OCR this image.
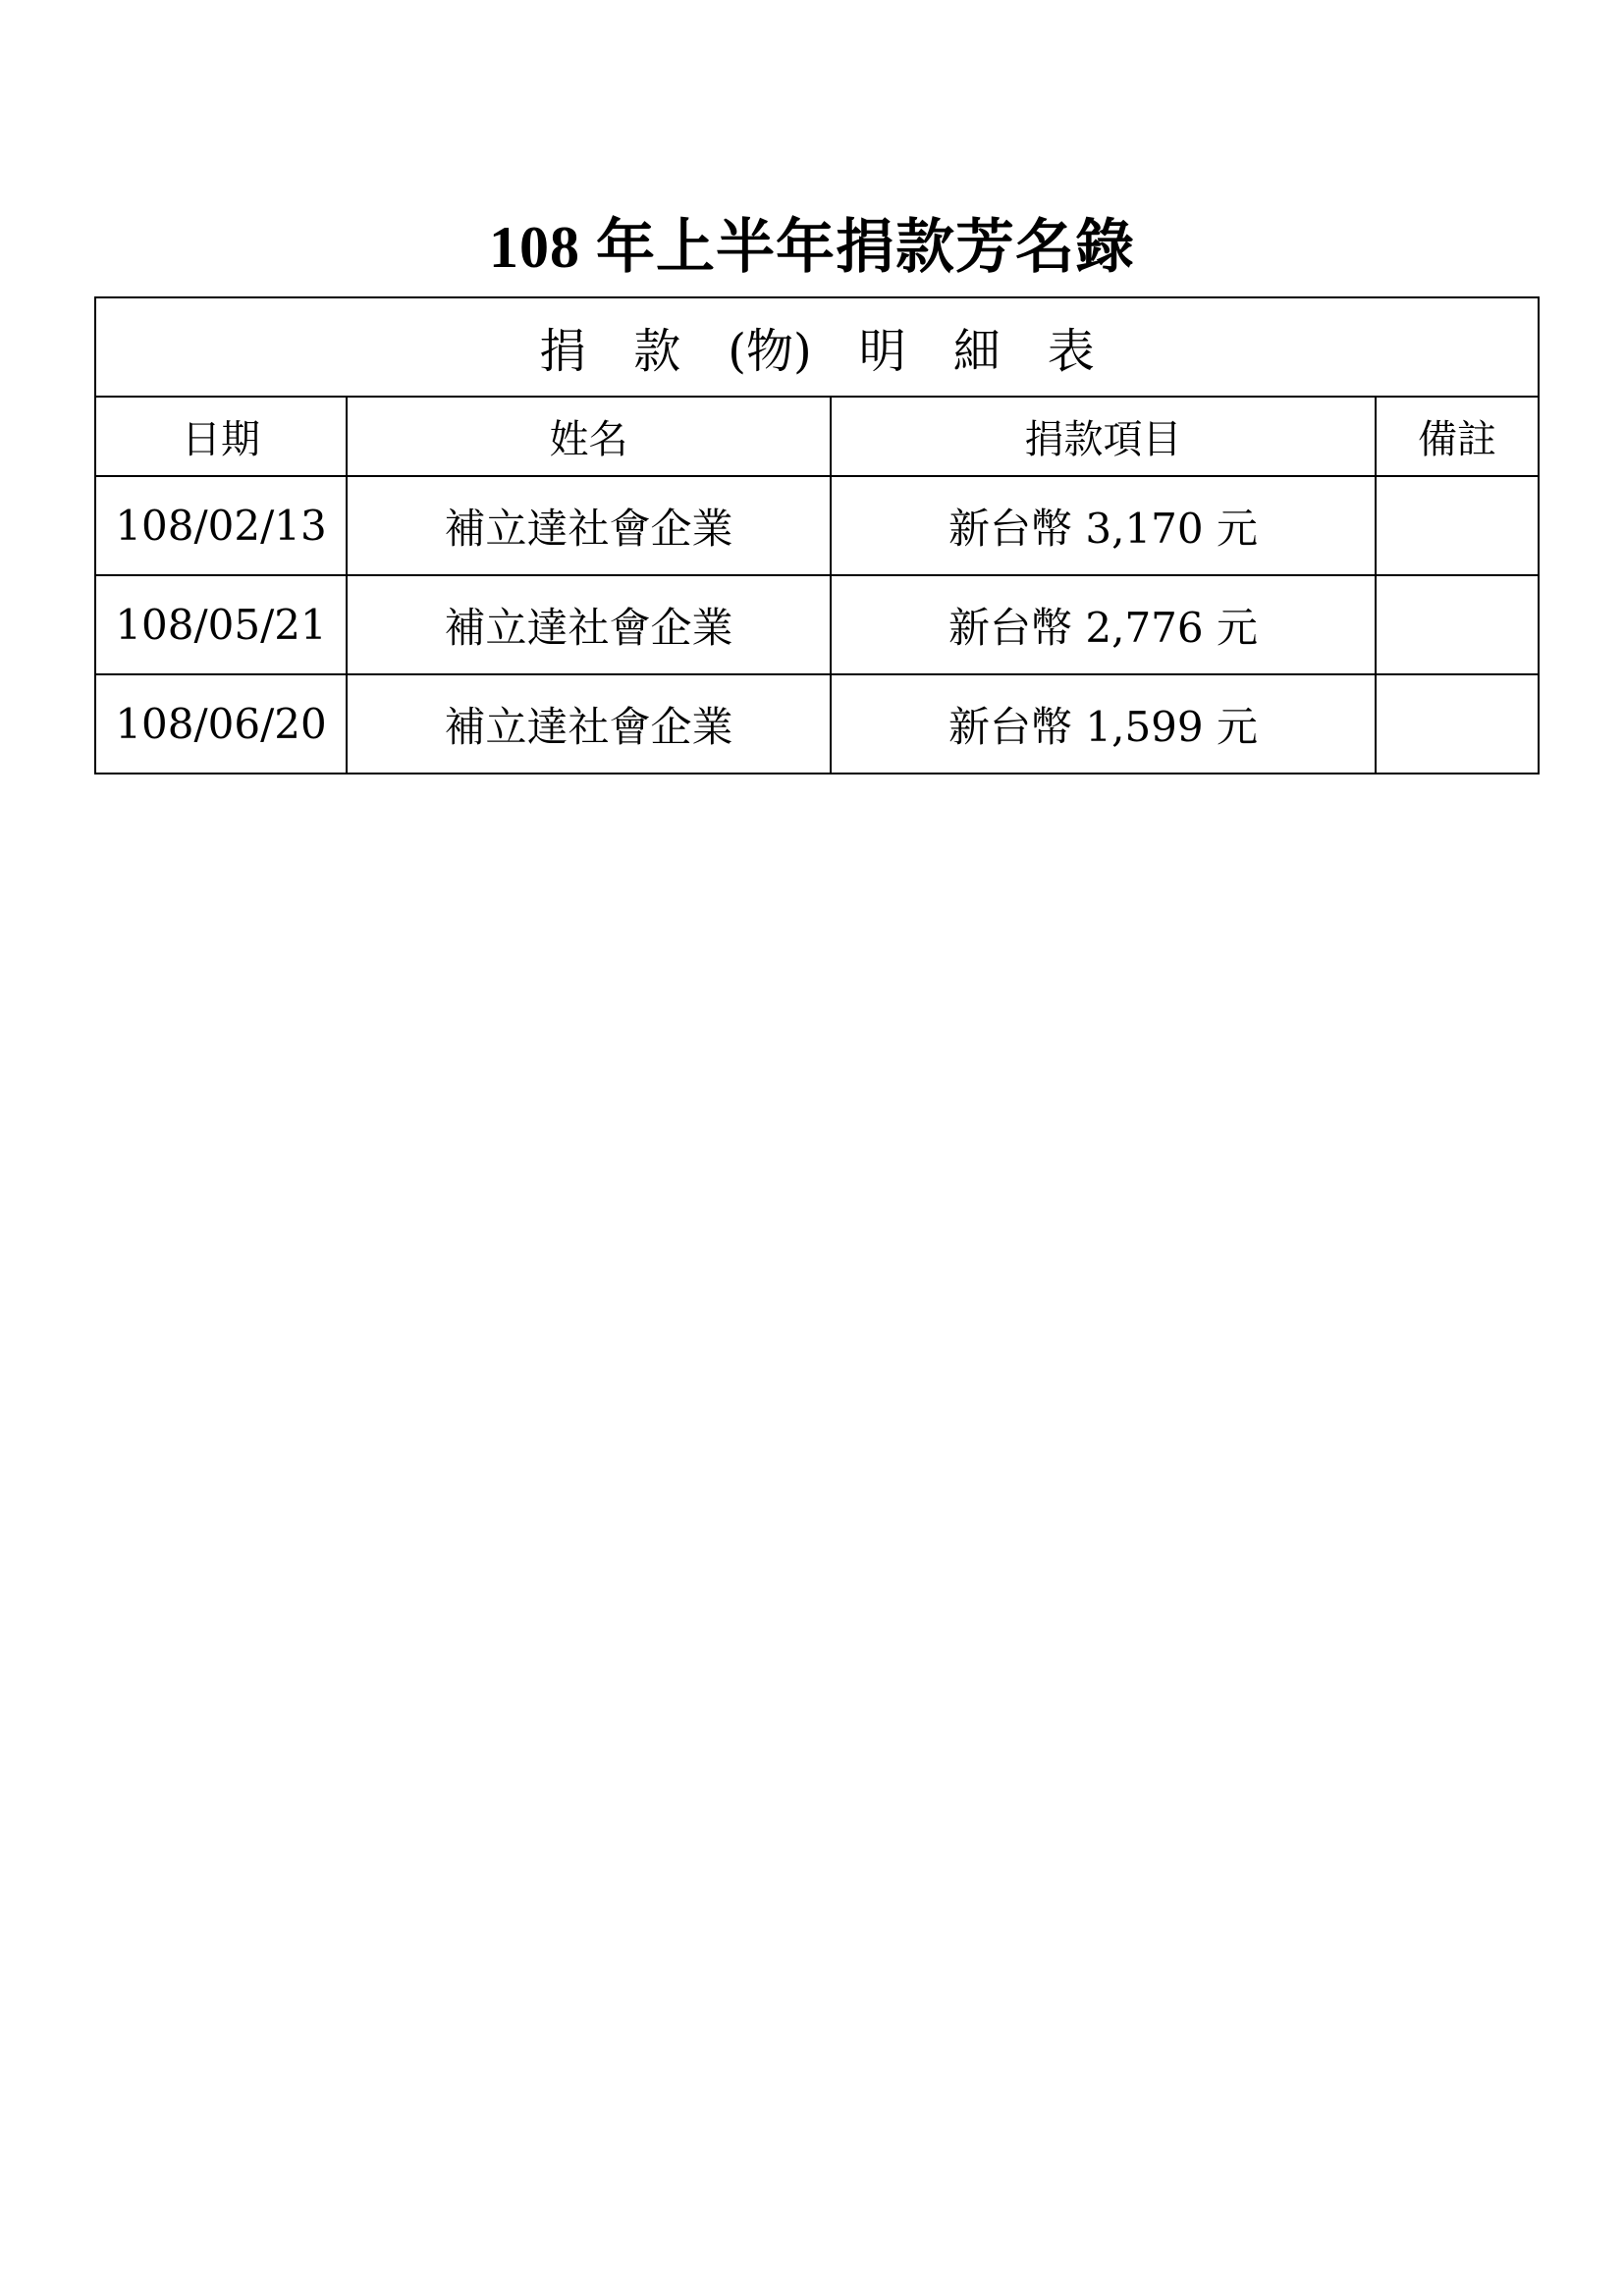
108 年上半年捐款芳名錄
捐 款 (物) 明 細 表			
日期	姓名	捐款項目	備註
108/02/13	補立達社會企業	新台幣 3,170 元	
108/05/21	補立達社會企業	新台幣 2,776 元	
108/06/20	補立達社會企業	新台幣 1,599 元	
